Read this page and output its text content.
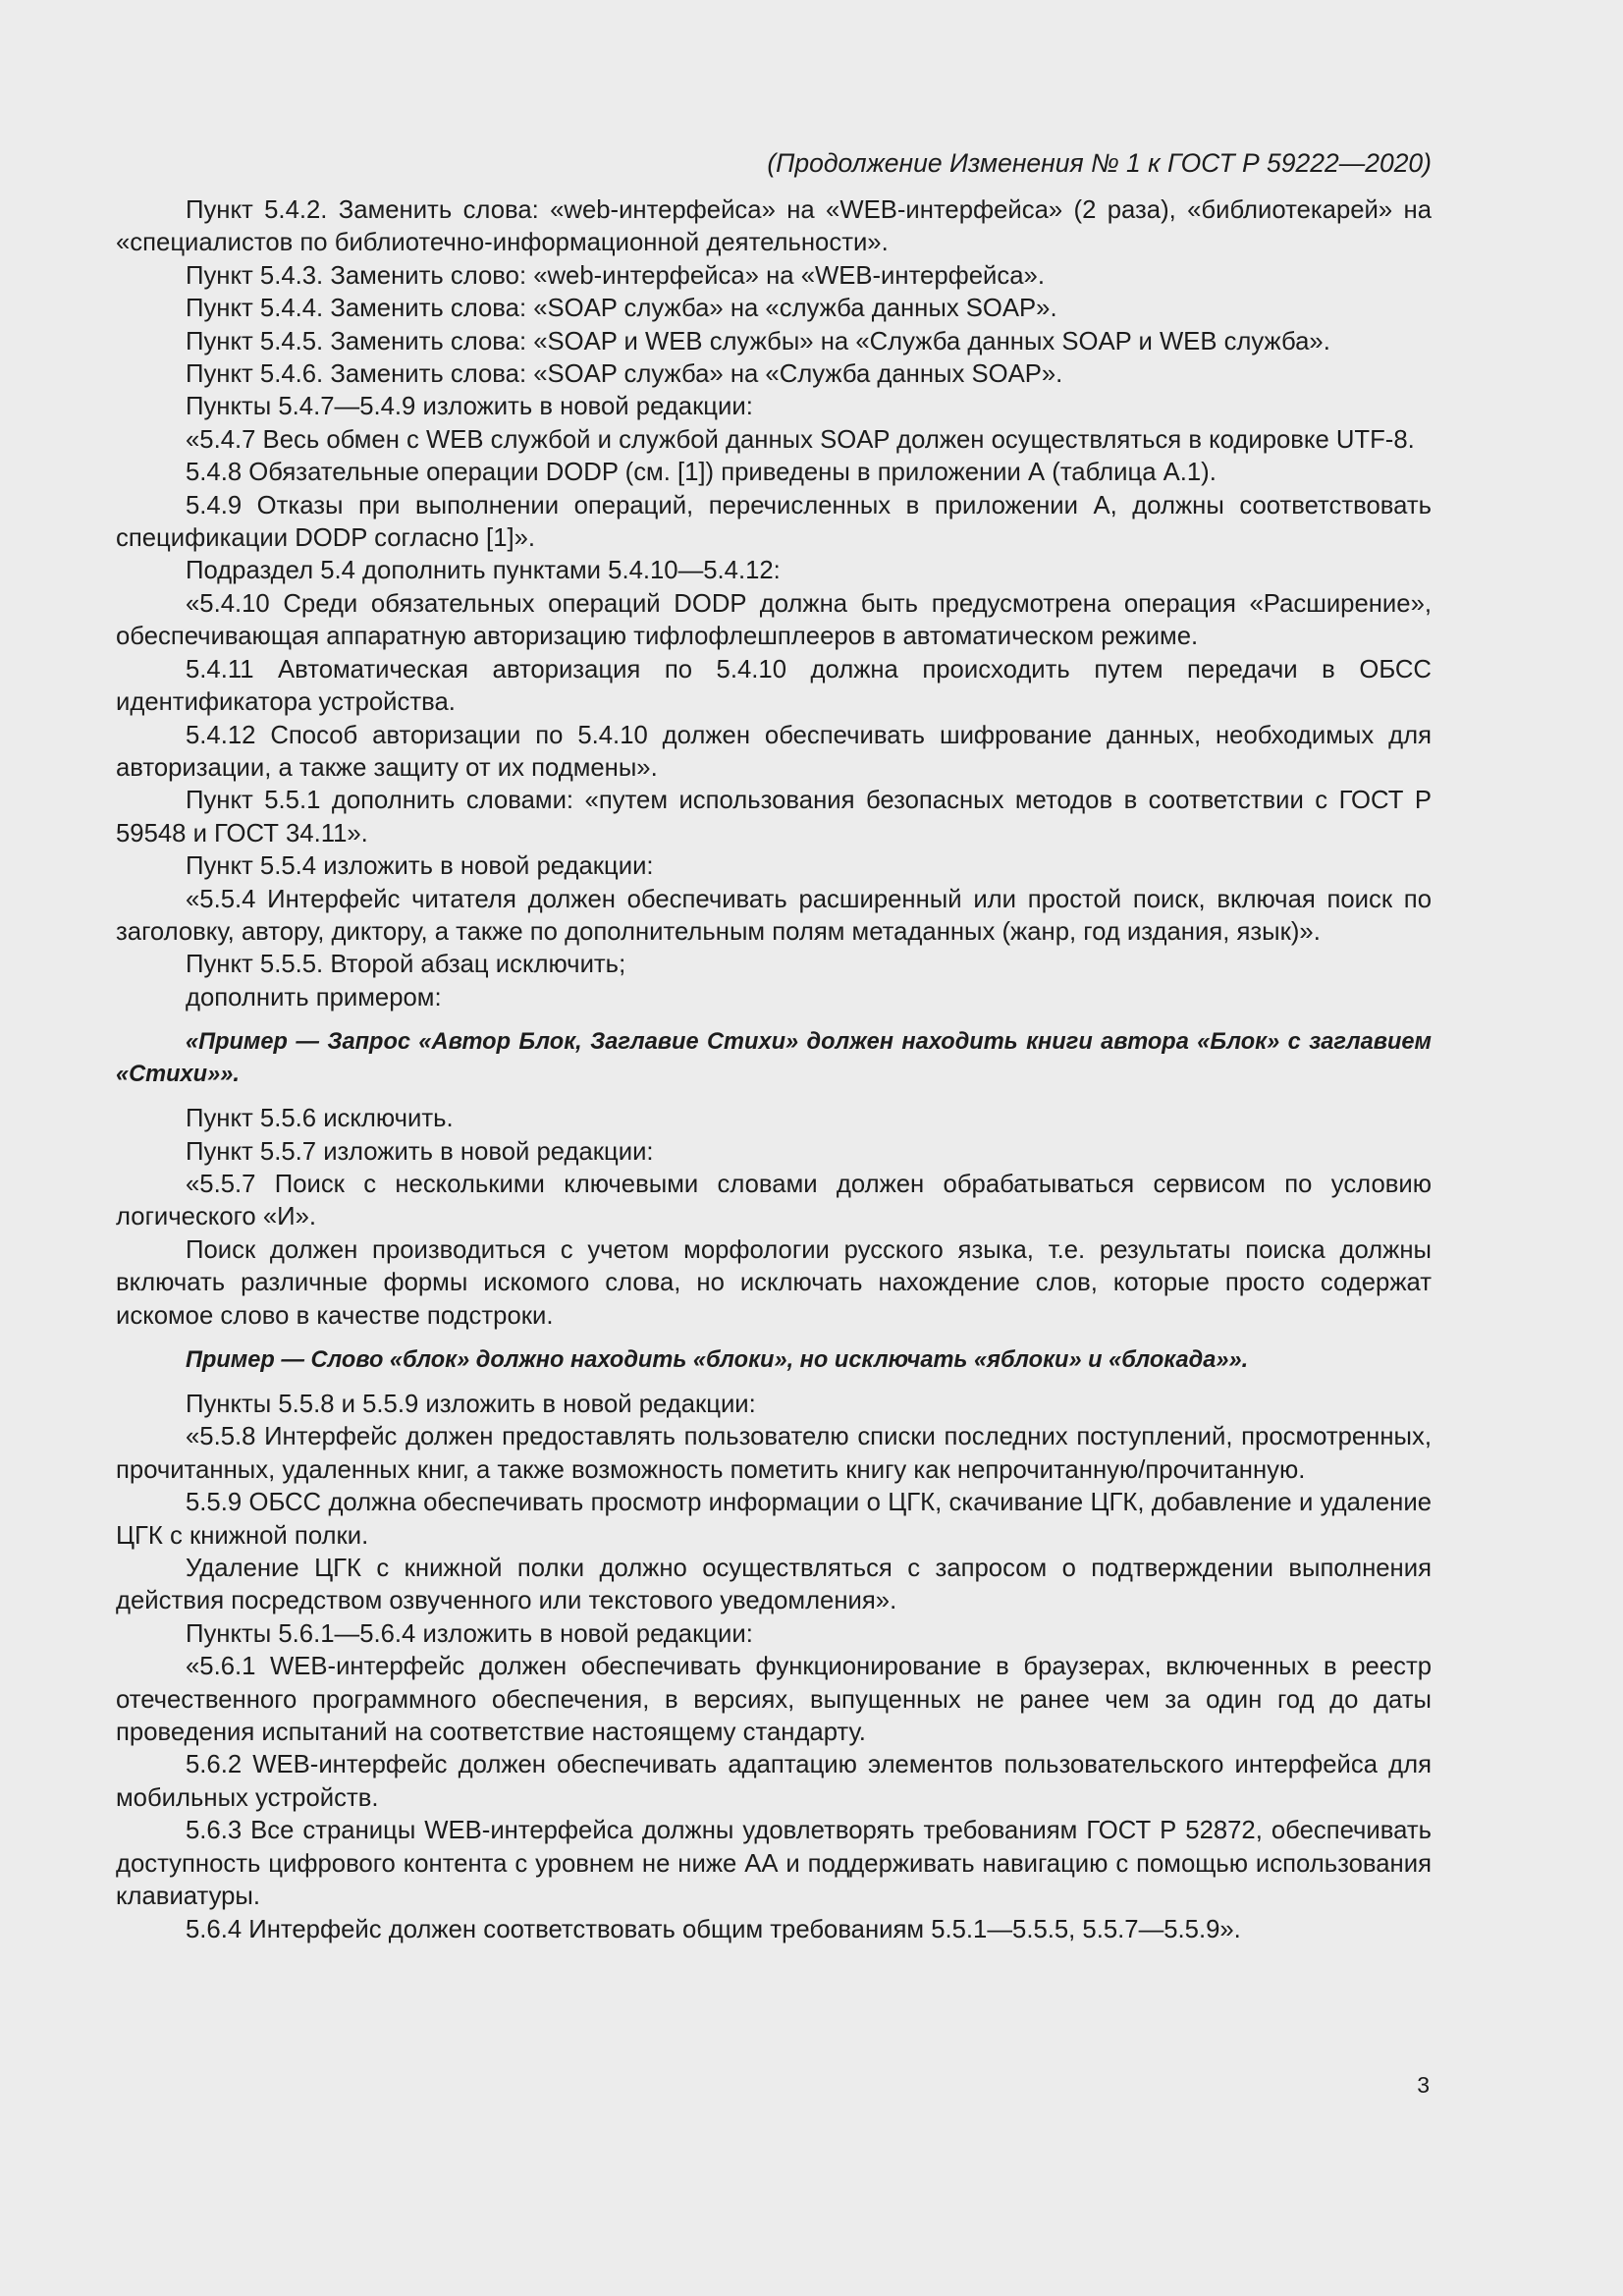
(Продолжение Изменения № 1 к ГОСТ Р 59222—2020)

Пункт 5.4.2. Заменить слова: «web-интерфейса» на «WEB-интерфейса» (2 раза), «библиотекарей» на «специалистов по библиотечно-информационной деятельности».

Пункт 5.4.3. Заменить слово: «web-интерфейса» на «WEB-интерфейса».

Пункт 5.4.4. Заменить слова: «SOAP служба» на «служба данных SOAP».

Пункт 5.4.5. Заменить слова: «SOAP и WEB службы» на «Служба данных SOAP и WEB служба».

Пункт 5.4.6. Заменить слова: «SOAP служба» на «Служба данных SOAP».

Пункты 5.4.7—5.4.9 изложить в новой редакции:

«5.4.7 Весь обмен с WEB службой и службой данных SOAP должен осуществляться в кодировке UTF-8.

5.4.8 Обязательные операции DODP (см. [1]) приведены в приложении А (таблица А.1).

5.4.9 Отказы при выполнении операций, перечисленных в приложении А, должны соответствовать спецификации DODP согласно [1]».

Подраздел 5.4 дополнить пунктами 5.4.10—5.4.12:

«5.4.10 Среди обязательных операций DODP должна быть предусмотрена операция «Расширение», обеспечивающая аппаратную авторизацию тифлофлешплееров в автоматическом режиме.

5.4.11 Автоматическая авторизация по 5.4.10 должна происходить путем передачи в ОБСС идентификатора устройства.

5.4.12 Способ авторизации по 5.4.10 должен обеспечивать шифрование данных, необходимых для авторизации, а также защиту от их подмены».

Пункт 5.5.1 дополнить словами: «путем использования безопасных методов в соответствии с ГОСТ Р 59548 и ГОСТ 34.11».

Пункт 5.5.4 изложить в новой редакции:

«5.5.4 Интерфейс читателя должен обеспечивать расширенный или простой поиск, включая поиск по заголовку, автору, диктору, а также по дополнительным полям метаданных (жанр, год издания, язык)».

Пункт 5.5.5. Второй абзац исключить;

дополнить примером:

«Пример — Запрос «Автор Блок, Заглавие Стихи» должен находить книги автора «Блок» с заглавием «Стихи»».

Пункт 5.5.6 исключить.

Пункт 5.5.7 изложить в новой редакции:

«5.5.7 Поиск с несколькими ключевыми словами должен обрабатываться сервисом по условию логического «И».

Поиск должен производиться с учетом морфологии русского языка, т.е. результаты поиска должны включать различные формы искомого слова, но исключать нахождение слов, которые просто содержат искомое слово в качестве подстроки.

Пример — Слово «блок» должно находить «блоки», но исключать «яблоки» и «блокада»».

Пункты 5.5.8 и 5.5.9 изложить в новой редакции:

«5.5.8 Интерфейс должен предоставлять пользователю списки последних поступлений, просмотренных, прочитанных, удаленных книг, а также возможность пометить книгу как непрочитанную/прочитанную.

5.5.9 ОБСС должна обеспечивать просмотр информации о ЦГК, скачивание ЦГК, добавление и удаление ЦГК с книжной полки.

Удаление ЦГК с книжной полки должно осуществляться с запросом о подтверждении выполнения действия посредством озвученного или текстового уведомления».

Пункты 5.6.1—5.6.4 изложить в новой редакции:

«5.6.1 WEB-интерфейс должен обеспечивать функционирование в браузерах, включенных в реестр отечественного программного обеспечения, в версиях, выпущенных не ранее чем за один год до даты проведения испытаний на соответствие настоящему стандарту.

5.6.2 WEB-интерфейс должен обеспечивать адаптацию элементов пользовательского интерфейса для мобильных устройств.

5.6.3 Все страницы WEB-интерфейса должны удовлетворять требованиям ГОСТ Р 52872, обеспечивать доступность цифрового контента с уровнем не ниже АА и поддерживать навигацию с помощью использования клавиатуры.

5.6.4 Интерфейс должен соответствовать общим требованиям 5.5.1—5.5.5, 5.5.7—5.5.9».

3
